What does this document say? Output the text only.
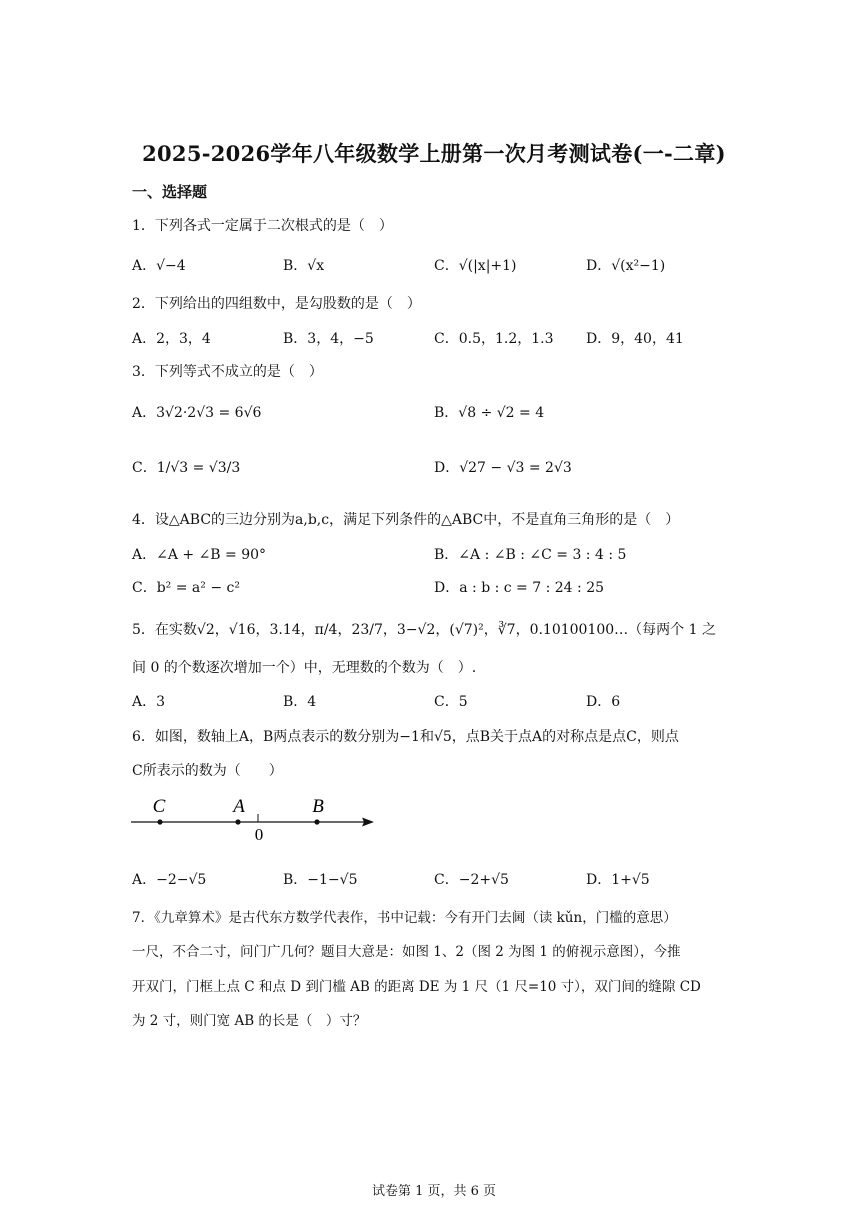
2025-2026学年八年级数学上册第一次月考测试卷(一-二章)
一、选择题
1．下列各式一定属于二次根式的是（　）
A．√−4	B．√x	C．√(|x|+1)	D．√(x²−1)
2．下列给出的四组数中，是勾股数的是（　）
A．2，3，4	B．3，4，−5	C．0.5，1.2，1.3 D．9，40，41
3．下列等式不成立的是（　）
A．3√2·2√3 = 6√6	B．√8 ÷ √2 = 4
C．1/√3 = √3/3	D．√27 − √3 = 2√3
4．设△ABC的三边分别为a,b,c，满足下列条件的△ABC中，不是直角三角形的是（　）
A．∠A + ∠B = 90°	B．∠A : ∠B : ∠C = 3 : 4 : 5
C．b² = a² − c²	D．a : b : c = 7 : 24 : 25
5．在实数√2，√16，3.14，π/4，23/7，3−√2，(√7)²，∛7，0.10100100…（每两个 1 之
间 0 的个数逐次增加一个）中，无理数的个数为（　）.
A．3	B．4	C．5	D．6
6．如图，数轴上A，B两点表示的数分别为−1和√5，点B关于点A的对称点是点C，则点
C所表示的数为（　　）
C	A	B
0
A．−2−√5	B．−1−√5	C．−2+√5	D．1+√5
7．《九章算术》是古代东方数学代表作，书中记载：今有开门去阃（读 kǔn，门槛的意思）
一尺，不合二寸，问门广几何？题目大意是：如图 1、2（图 2 为图 1 的俯视示意图），今推
开双门，门框上点 C 和点 D 到门槛 AB 的距离 DE 为 1 尺（1 尺=10 寸），双门间的缝隙 CD
为 2 寸，则门宽 AB 的长是（　）寸？
试卷第 1 页，共 6 页
